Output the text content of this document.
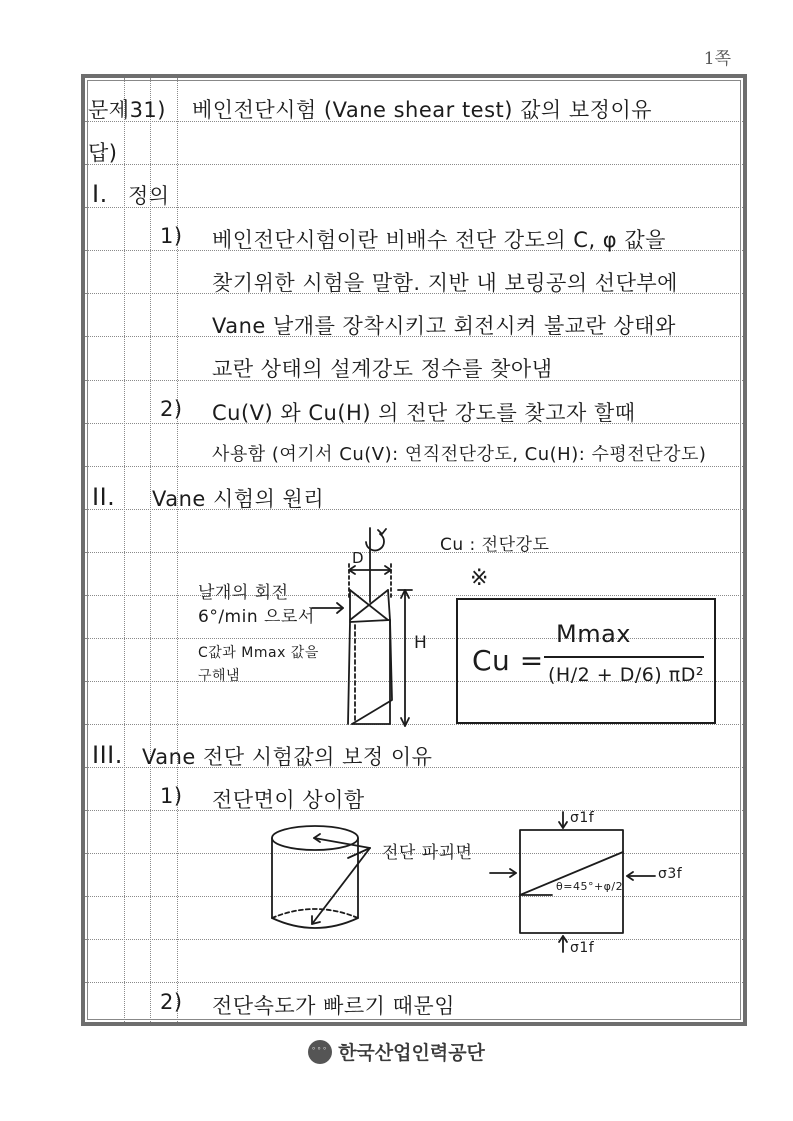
1쪽
문제31) 베인전단시험 (Vane shear test) 값의 보정이유
답)
I. 정의
1) 베인전단시험이란 비배수 전단 강도의 C, φ 값을
찾기위한 시험을 말함. 지반 내 보링공의 선단부에
Vane 날개를 장착시키고 회전시켜 불교란 상태와
교란 상태의 설계강도 정수를 찾아냄
2) Cu(V) 와 Cu(H) 의 전단 강도를 찾고자 할때
사용함 (여기서 Cu(V): 연직전단강도, Cu(H): 수평전단강도)
II. Vane 시험의 원리
날개의 회전
6°/min 으로서
C값과 Mmax 값을
구해냄
Cu : 전단강도
※
H
D
Cu =
Mmax
(H/2 + D/6) πD²
III. Vane 전단 시험값의 보정 이유
1) 전단면이 상이함
전단 파괴면
σ1f
σ1f
σ3f
θ=45°+φ/2
2) 전단속도가 빠르기 때문임
ﾟﾟﾟ 한국산업인력공단
